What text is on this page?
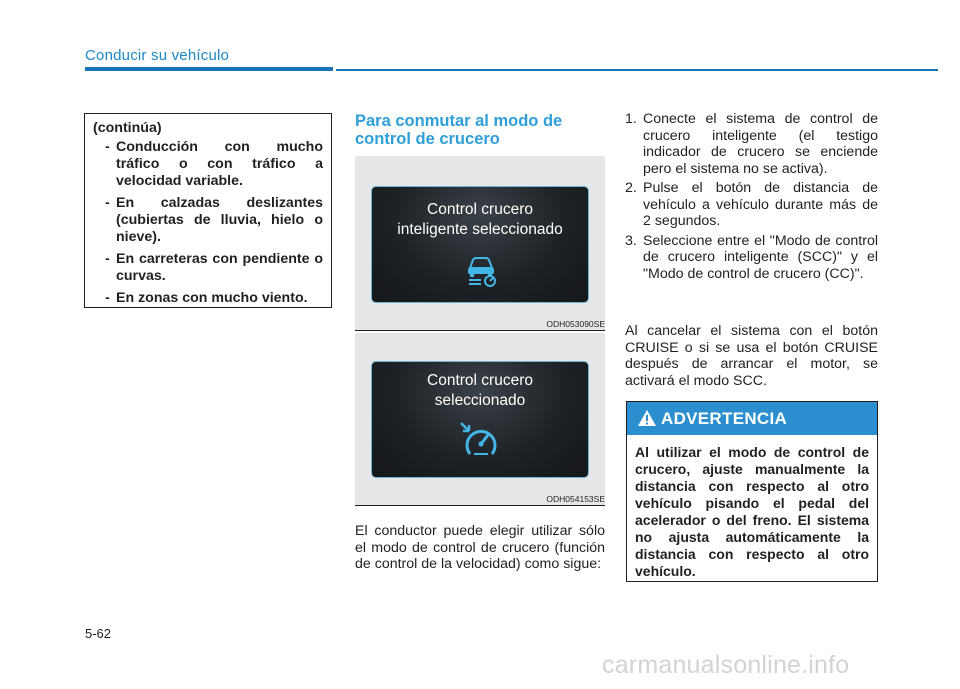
Conducir su vehículo
(continúa)
- Conducción con mucho tráfico o con tráfico a velocidad variable.
- En calzadas deslizantes (cubiertas de lluvia, hielo o nieve).
- En carreteras con pendiente o curvas.
- En zonas con mucho viento.
Para conmutar al modo de control de crucero
Control crucero
inteligente seleccionado
ODH053090SE
Control crucero
seleccionado
ODH054153SE
El conductor puede elegir utilizar sólo el modo de control de crucero (función de control de la velocidad) como sigue:
1. Conecte el sistema de control de crucero inteligente (el testigo indicador de crucero se enciende pero el sistema no se activa).
2. Pulse el botón de distancia de vehículo a vehículo durante más de 2 segundos.
3. Seleccione entre el "Modo de control de crucero inteligente (SCC)" y el "Modo de control de crucero (CC)".
Al cancelar el sistema con el botón CRUISE o si se usa el botón CRUISE después de arrancar el motor, se activará el modo SCC.
ADVERTENCIA
Al utilizar el modo de control de crucero, ajuste manualmente la distancia con respecto al otro vehículo pisando el pedal del acelerador o del freno. El sistema no ajusta automáticamente la distancia con respecto al otro vehículo.
5-62
carmanualsonline.info
